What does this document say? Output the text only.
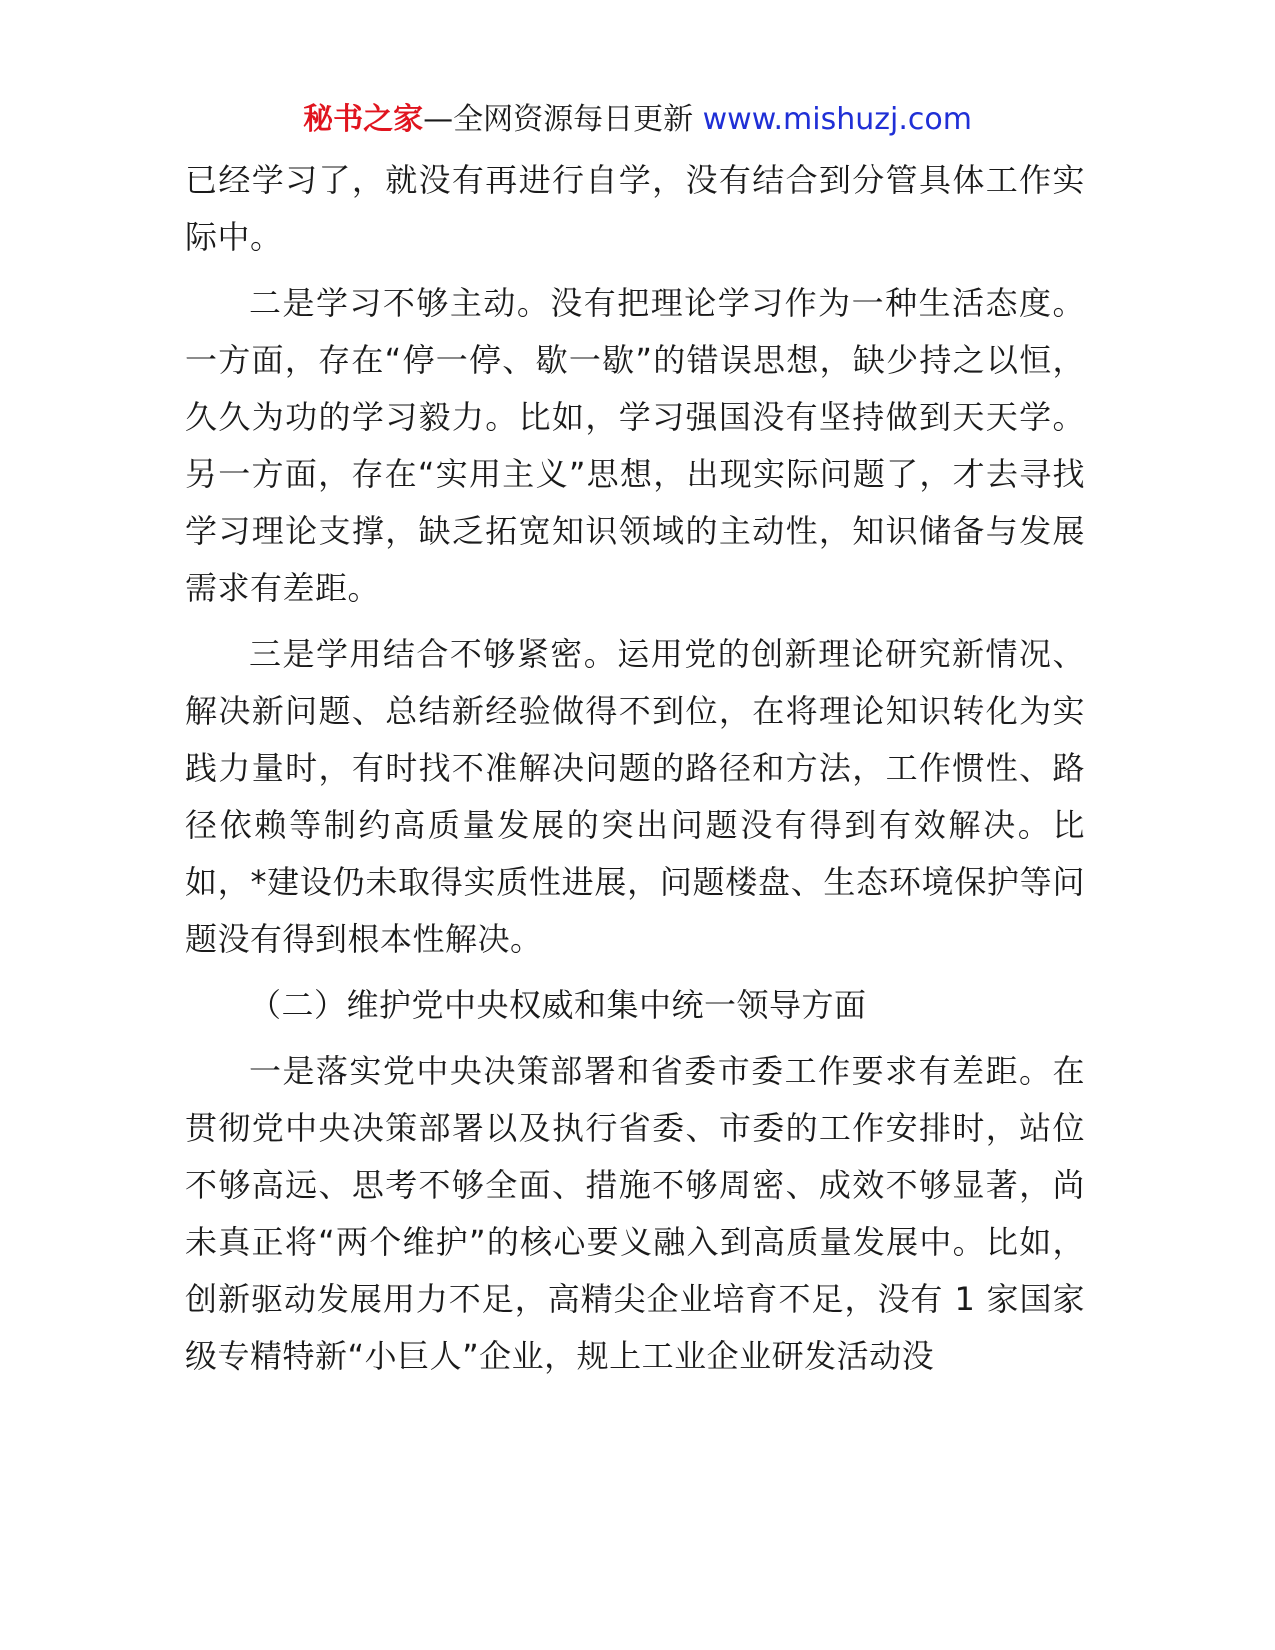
秘书之家—全网资源每日更新 www.mishuzj.com

已经学习了，就没有再进行自学，没有结合到分管具体工作实际中。

二是学习不够主动。没有把理论学习作为一种生活态度。一方面，存在“停一停、歇一歇”的错误思想，缺少持之以恒，久久为功的学习毅力。比如，学习强国没有坚持做到天天学。另一方面，存在“实用主义”思想，出现实际问题了，才去寻找学习理论支撑，缺乏拓宽知识领域的主动性，知识储备与发展需求有差距。

三是学用结合不够紧密。运用党的创新理论研究新情况、解决新问题、总结新经验做得不到位，在将理论知识转化为实践力量时，有时找不准解决问题的路径和方法，工作惯性、路径依赖等制约高质量发展的突出问题没有得到有效解决。比如，*建设仍未取得实质性进展，问题楼盘、生态环境保护等问题没有得到根本性解决。

（二）维护党中央权威和集中统一领导方面

一是落实党中央决策部署和省委市委工作要求有差距。在贯彻党中央决策部署以及执行省委、市委的工作安排时，站位不够高远、思考不够全面、措施不够周密、成效不够显著，尚未真正将“两个维护”的核心要义融入到高质量发展中。比如，创新驱动发展用力不足，高精尖企业培育不足，没有 1 家国家级专精特新“小巨人”企业，规上工业企业研发活动没
